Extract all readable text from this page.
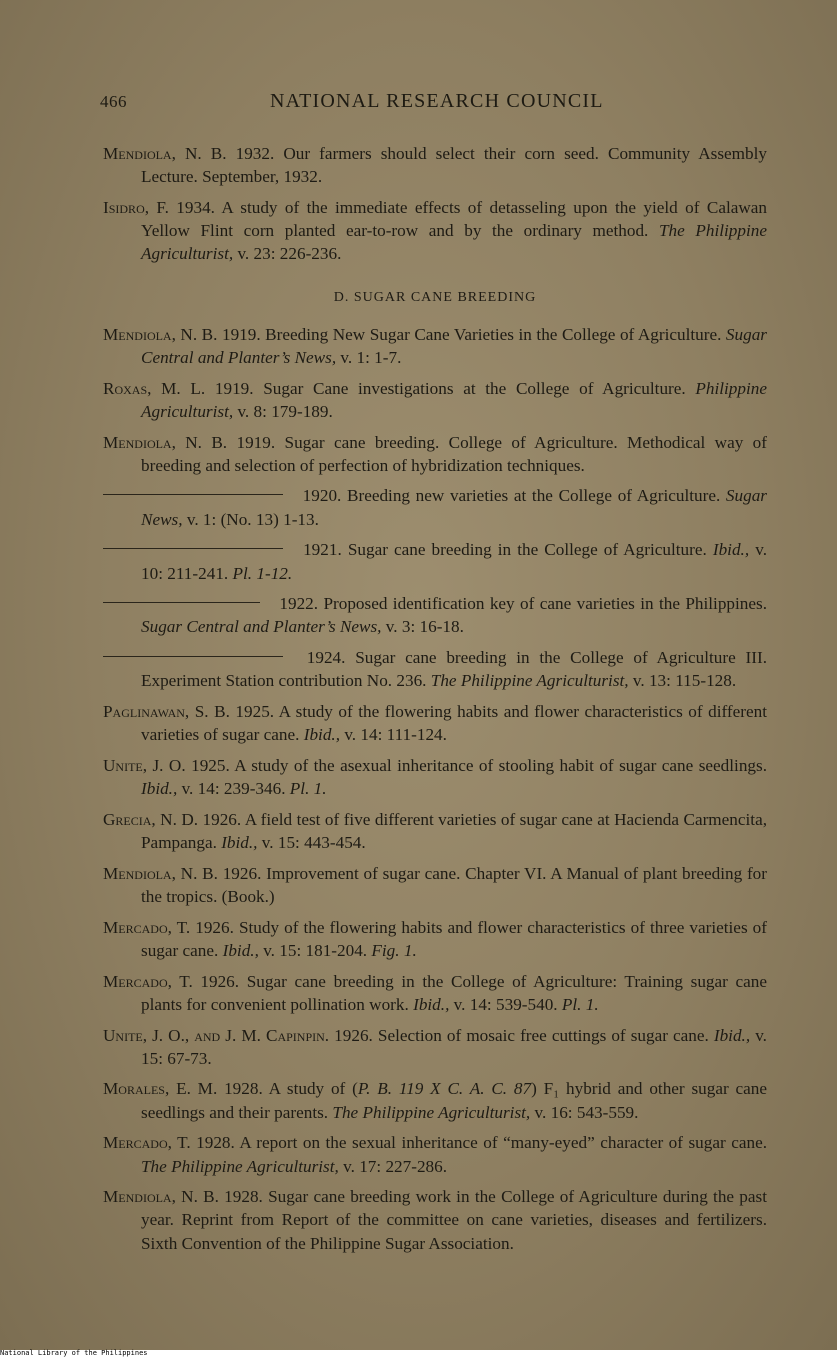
466	NATIONAL RESEARCH COUNCIL

Mendiola, N. B. 1932. Our farmers should select their corn seed. Community Assembly Lecture. September, 1932.

Isidro, F. 1934. A study of the immediate effects of detasseling upon the yield of Calawan Yellow Flint corn planted ear-to-row and by the ordinary method. The Philippine Agriculturist, v. 23: 226-236.

D. SUGAR CANE BREEDING

Mendiola, N. B. 1919. Breeding New Sugar Cane Varieties in the College of Agriculture. Sugar Central and Planter’s News, v. 1: 1-7.

Roxas, M. L. 1919. Sugar Cane investigations at the College of Agriculture. Philippine Agriculturist, v. 8: 179-189.

Mendiola, N. B. 1919. Sugar cane breeding. College of Agriculture. Methodical way of breeding and selection of perfection of hybridization techniques.

1920. Breeding new varieties at the College of Agriculture. Sugar News, v. 1: (No. 13) 1-13.

1921. Sugar cane breeding in the College of Agriculture. Ibid., v. 10: 211-241. Pl. 1-12.

1922. Proposed identification key of cane varieties in the Philippines. Sugar Central and Planter’s News, v. 3: 16-18.

1924. Sugar cane breeding in the College of Agriculture III. Experiment Station contribution No. 236. The Philippine Agriculturist, v. 13: 115-128.

Paglinawan, S. B. 1925. A study of the flowering habits and flower characteristics of different varieties of sugar cane. Ibid., v. 14: 111-124.

Unite, J. O. 1925. A study of the asexual inheritance of stooling habit of sugar cane seedlings. Ibid., v. 14: 239-346. Pl. 1.

Grecia, N. D. 1926. A field test of five different varieties of sugar cane at Hacienda Carmencita, Pampanga. Ibid., v. 15: 443-454.

Mendiola, N. B. 1926. Improvement of sugar cane. Chapter VI. A Manual of plant breeding for the tropics. (Book.)

Mercado, T. 1926. Study of the flowering habits and flower characteristics of three varieties of sugar cane. Ibid., v. 15: 181-204. Fig. 1.

Mercado, T. 1926. Sugar cane breeding in the College of Agriculture: Training sugar cane plants for convenient pollination work. Ibid., v. 14: 539-540. Pl. 1.

Unite, J. O., and J. M. Capinpin. 1926. Selection of mosaic free cuttings of sugar cane. Ibid., v. 15: 67-73.

Morales, E. M. 1928. A study of (P. B. 119 X C. A. C. 87) F₁ hybrid and other sugar cane seedlings and their parents. The Philippine Agriculturist, v. 16: 543-559.

Mercado, T. 1928. A report on the sexual inheritance of “many-eyed” character of sugar cane. The Philippine Agriculturist, v. 17: 227-286.

Mendiola, N. B. 1928. Sugar cane breeding work in the College of Agriculture during the past year. Reprint from Report of the committee on cane varieties, diseases and fertilizers. Sixth Convention of the Philippine Sugar Association.

National Library of the Philippines
